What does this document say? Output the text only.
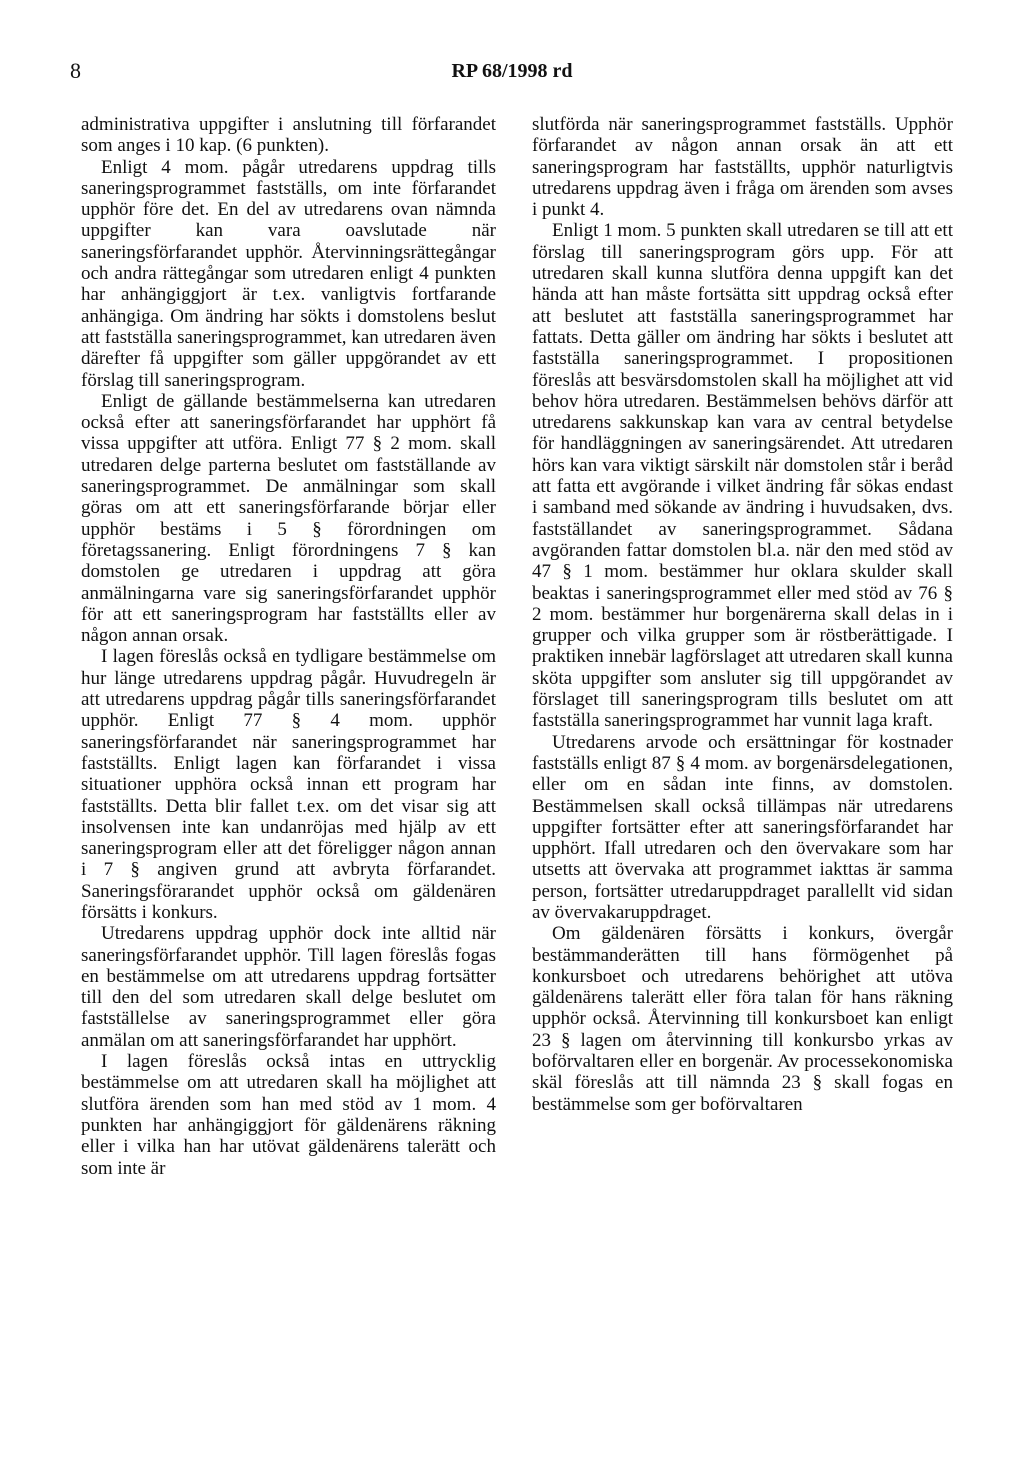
8	RP 68/1998 rd

administrativa uppgifter i anslutning till förfarandet som anges i 10 kap. (6 punkten).

Enligt 4 mom. pågår utredarens uppdrag tills saneringsprogrammet fastställs, om inte förfarandet upphör före det. En del av utredarens ovan nämnda uppgifter kan vara oavslutade när saneringsförfarandet upphör. Återvinningsrättegångar och andra rättegångar som utredaren enligt 4 punkten har anhängiggjort är t.ex. vanligtvis fortfarande anhängiga. Om ändring har sökts i domstolens beslut att fastställa saneringsprogrammet, kan utredaren även därefter få uppgifter som gäller uppgörandet av ett förslag till saneringsprogram.

Enligt de gällande bestämmelserna kan utredaren också efter att saneringsförfarandet har upphört få vissa uppgifter att utföra. Enligt 77 § 2 mom. skall utredaren delge parterna beslutet om fastställande av saneringsprogrammet. De anmälningar som skall göras om att ett saneringsförfarande börjar eller upphör bestäms i 5 § förordningen om företagssanering. Enligt förordningens 7 § kan domstolen ge utredaren i uppdrag att göra anmälningarna vare sig saneringsförfarandet upphör för att ett saneringsprogram har fastställts eller av någon annan orsak.

I lagen föreslås också en tydligare bestämmelse om hur länge utredarens uppdrag pågår. Huvudregeln är att utredarens uppdrag pågår tills saneringsförfarandet upphör. Enligt 77 § 4 mom. upphör saneringsförfarandet när saneringsprogrammet har fastställts. Enligt lagen kan förfarandet i vissa situationer upphöra också innan ett program har fastställts. Detta blir fallet t.ex. om det visar sig att insolvensen inte kan undanröjas med hjälp av ett saneringsprogram eller att det föreligger någon annan i 7 § angiven grund att avbryta förfarandet. Saneringsförarandet upphör också om gäldenären försätts i konkurs.

Utredarens uppdrag upphör dock inte alltid när saneringsförfarandet upphör. Till lagen föreslås fogas en bestämmelse om att utredarens uppdrag fortsätter till den del som utredaren skall delge beslutet om fastställelse av saneringsprogrammet eller göra anmälan om att saneringsförfarandet har upphört.

I lagen föreslås också intas en uttrycklig bestämmelse om att utredaren skall ha möjlighet att slutföra ärenden som han med stöd av 1 mom. 4 punkten har anhängiggjort för gäldenärens räkning eller i vilka han har utövat gäldenärens talerätt och som inte är

slutförda när saneringsprogrammet fastställs. Upphör förfarandet av någon annan orsak än att ett saneringsprogram har fastställts, upphör naturligtvis utredarens uppdrag även i fråga om ärenden som avses i punkt 4.

Enligt 1 mom. 5 punkten skall utredaren se till att ett förslag till saneringsprogram görs upp. För att utredaren skall kunna slutföra denna uppgift kan det hända att han måste fortsätta sitt uppdrag också efter att beslutet att fastställa saneringsprogrammet har fattats. Detta gäller om ändring har sökts i beslutet att fastställa saneringsprogrammet. I propositionen föreslås att besvärsdomstolen skall ha möjlighet att vid behov höra utredaren. Bestämmelsen behövs därför att utredarens sakkunskap kan vara av central betydelse för handläggningen av saneringsärendet. Att utredaren hörs kan vara viktigt särskilt när domstolen står i beråd att fatta ett avgörande i vilket ändring får sökas endast i samband med sökande av ändring i huvudsaken, dvs. fastställandet av saneringsprogrammet. Sådana avgöranden fattar domstolen bl.a. när den med stöd av 47 § 1 mom. bestämmer hur oklara skulder skall beaktas i saneringsprogrammet eller med stöd av 76 § 2 mom. bestämmer hur borgenärerna skall delas in i grupper och vilka grupper som är röstberättigade. I praktiken innebär lagförslaget att utredaren skall kunna sköta uppgifter som ansluter sig till uppgörandet av förslaget till saneringsprogram tills beslutet om att fastställa saneringsprogrammet har vunnit laga kraft.

Utredarens arvode och ersättningar för kostnader fastställs enligt 87 § 4 mom. av borgenärsdelegationen, eller om en sådan inte finns, av domstolen. Bestämmelsen skall också tillämpas när utredarens uppgifter fortsätter efter att saneringsförfarandet har upphört. Ifall utredaren och den övervakare som har utsetts att övervaka att programmet iakttas är samma person, fortsätter utredaruppdraget parallellt vid sidan av övervakaruppdraget.

Om gäldenären försätts i konkurs, övergår bestämmanderätten till hans förmögenhet på konkursboet och utredarens behörighet att utöva gäldenärens talerätt eller föra talan för hans räkning upphör också. Återvinning till konkursboet kan enligt 23 § lagen om återvinning till konkursbo yrkas av boförvaltaren eller en borgenär. Av processekonomiska skäl föreslås att till nämnda 23 § skall fogas en bestämmelse som ger boförvaltaren
